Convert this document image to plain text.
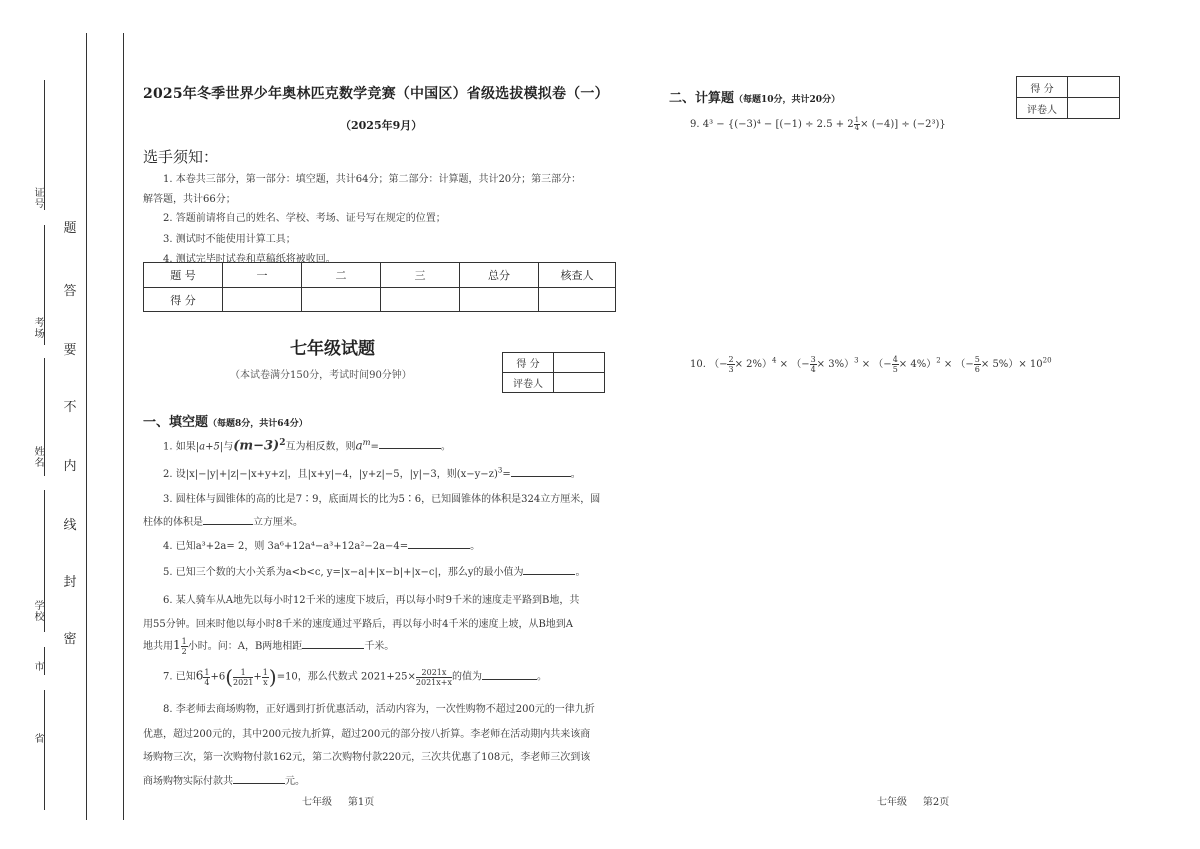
证
号
考
场
姓
名
学
校
市
省
题
答
要
不
内
线
封
密
2025年冬季世界少年奥林匹克数学竞赛（中国区）省级选拔模拟卷（一）
（2025年9月）
选手须知：
1. 本卷共三部分，第一部分：填空题，共计64分；第二部分：计算题，共计20分；第三部分：
解答题，共计66分；
2. 答题前请将自己的姓名、学校、考场、证号写在规定的位置；
3. 测试时不能使用计算工具；
4. 测试完毕时试卷和草稿纸将被收回。
题 号	一	二	三	总分	核查人
得 分					
七年级试题
（本试卷满分150分，考试时间90分钟）
得 分	
评卷人	
一、填空题（每题8分，共计64分）
1. 如果|a+5|与$(m-3)^2$互为相反数，则$a^m=$	。
2. 设|x|−|y|+|z|−|x+y+z|，且|x+y|−4，|y+z|−5，|y|−3，则$(x-y-z)^3=$	。
3. 圆柱体与圆锥体的高的比是7∶9，底面周长的比为5∶6，已知圆锥体的体积是324立方厘米，圆
柱体的体积是	立方厘米。
4. 已知a³+2a= 2，则 3a⁶+12a⁴−a³+12a²−2a−4=	。
5. 已知三个数的大小关系为a<b<c, y=|x−a|+|x−b|+|x−c|，那么y的最小值为	。
6. 某人骑车从A地先以每小时12千米的速度下坡后，再以每小时9千米的速度走平路到B地，共
用55分钟。回来时他以每小时8千米的速度通过平路后，再以每小时4千米的速度上坡，从B地到A
地共用$1 \frac{1}{2}$ 小时。问：A，B两地相距	千米。
7. 已知$6 \frac{1}{4} +6( \frac{1}{2021} + \frac{1}{x} )=10$，那么代数式 $2021+25\times \frac{2021x}{2021x+x}$ 的值为	。
8. 李老师去商场购物，正好遇到打折优惠活动，活动内容为，一次性购物不超过200元的一律九折
优惠，超过200元的，其中200元按九折算，超过200元的部分按八折算。李老师在活动期内共来该商
场购物三次，第一次购物付款162元，第二次购物付款220元，三次共优惠了108元，李老师三次到该
商场购物实际付款共	元。
七年级 第1页
二、计算题（每题10分，共计20分）
得 分	
评卷人	
9. $4^3 - \{(-3)^4 - [(-1) \div 2.5 + 2 \frac{1}{4} \times (-4)] \div (-2^3)\}$
10. （− $\frac{2}{3} \times 2\%)^4$ × （− $\frac{3}{4} \times 3\%)^3$ × （− $\frac{4}{5} \times 4\%)^2$ × （− $\frac{5}{6} \times 5\%)\times 10^{20}$
七年级 第2页
